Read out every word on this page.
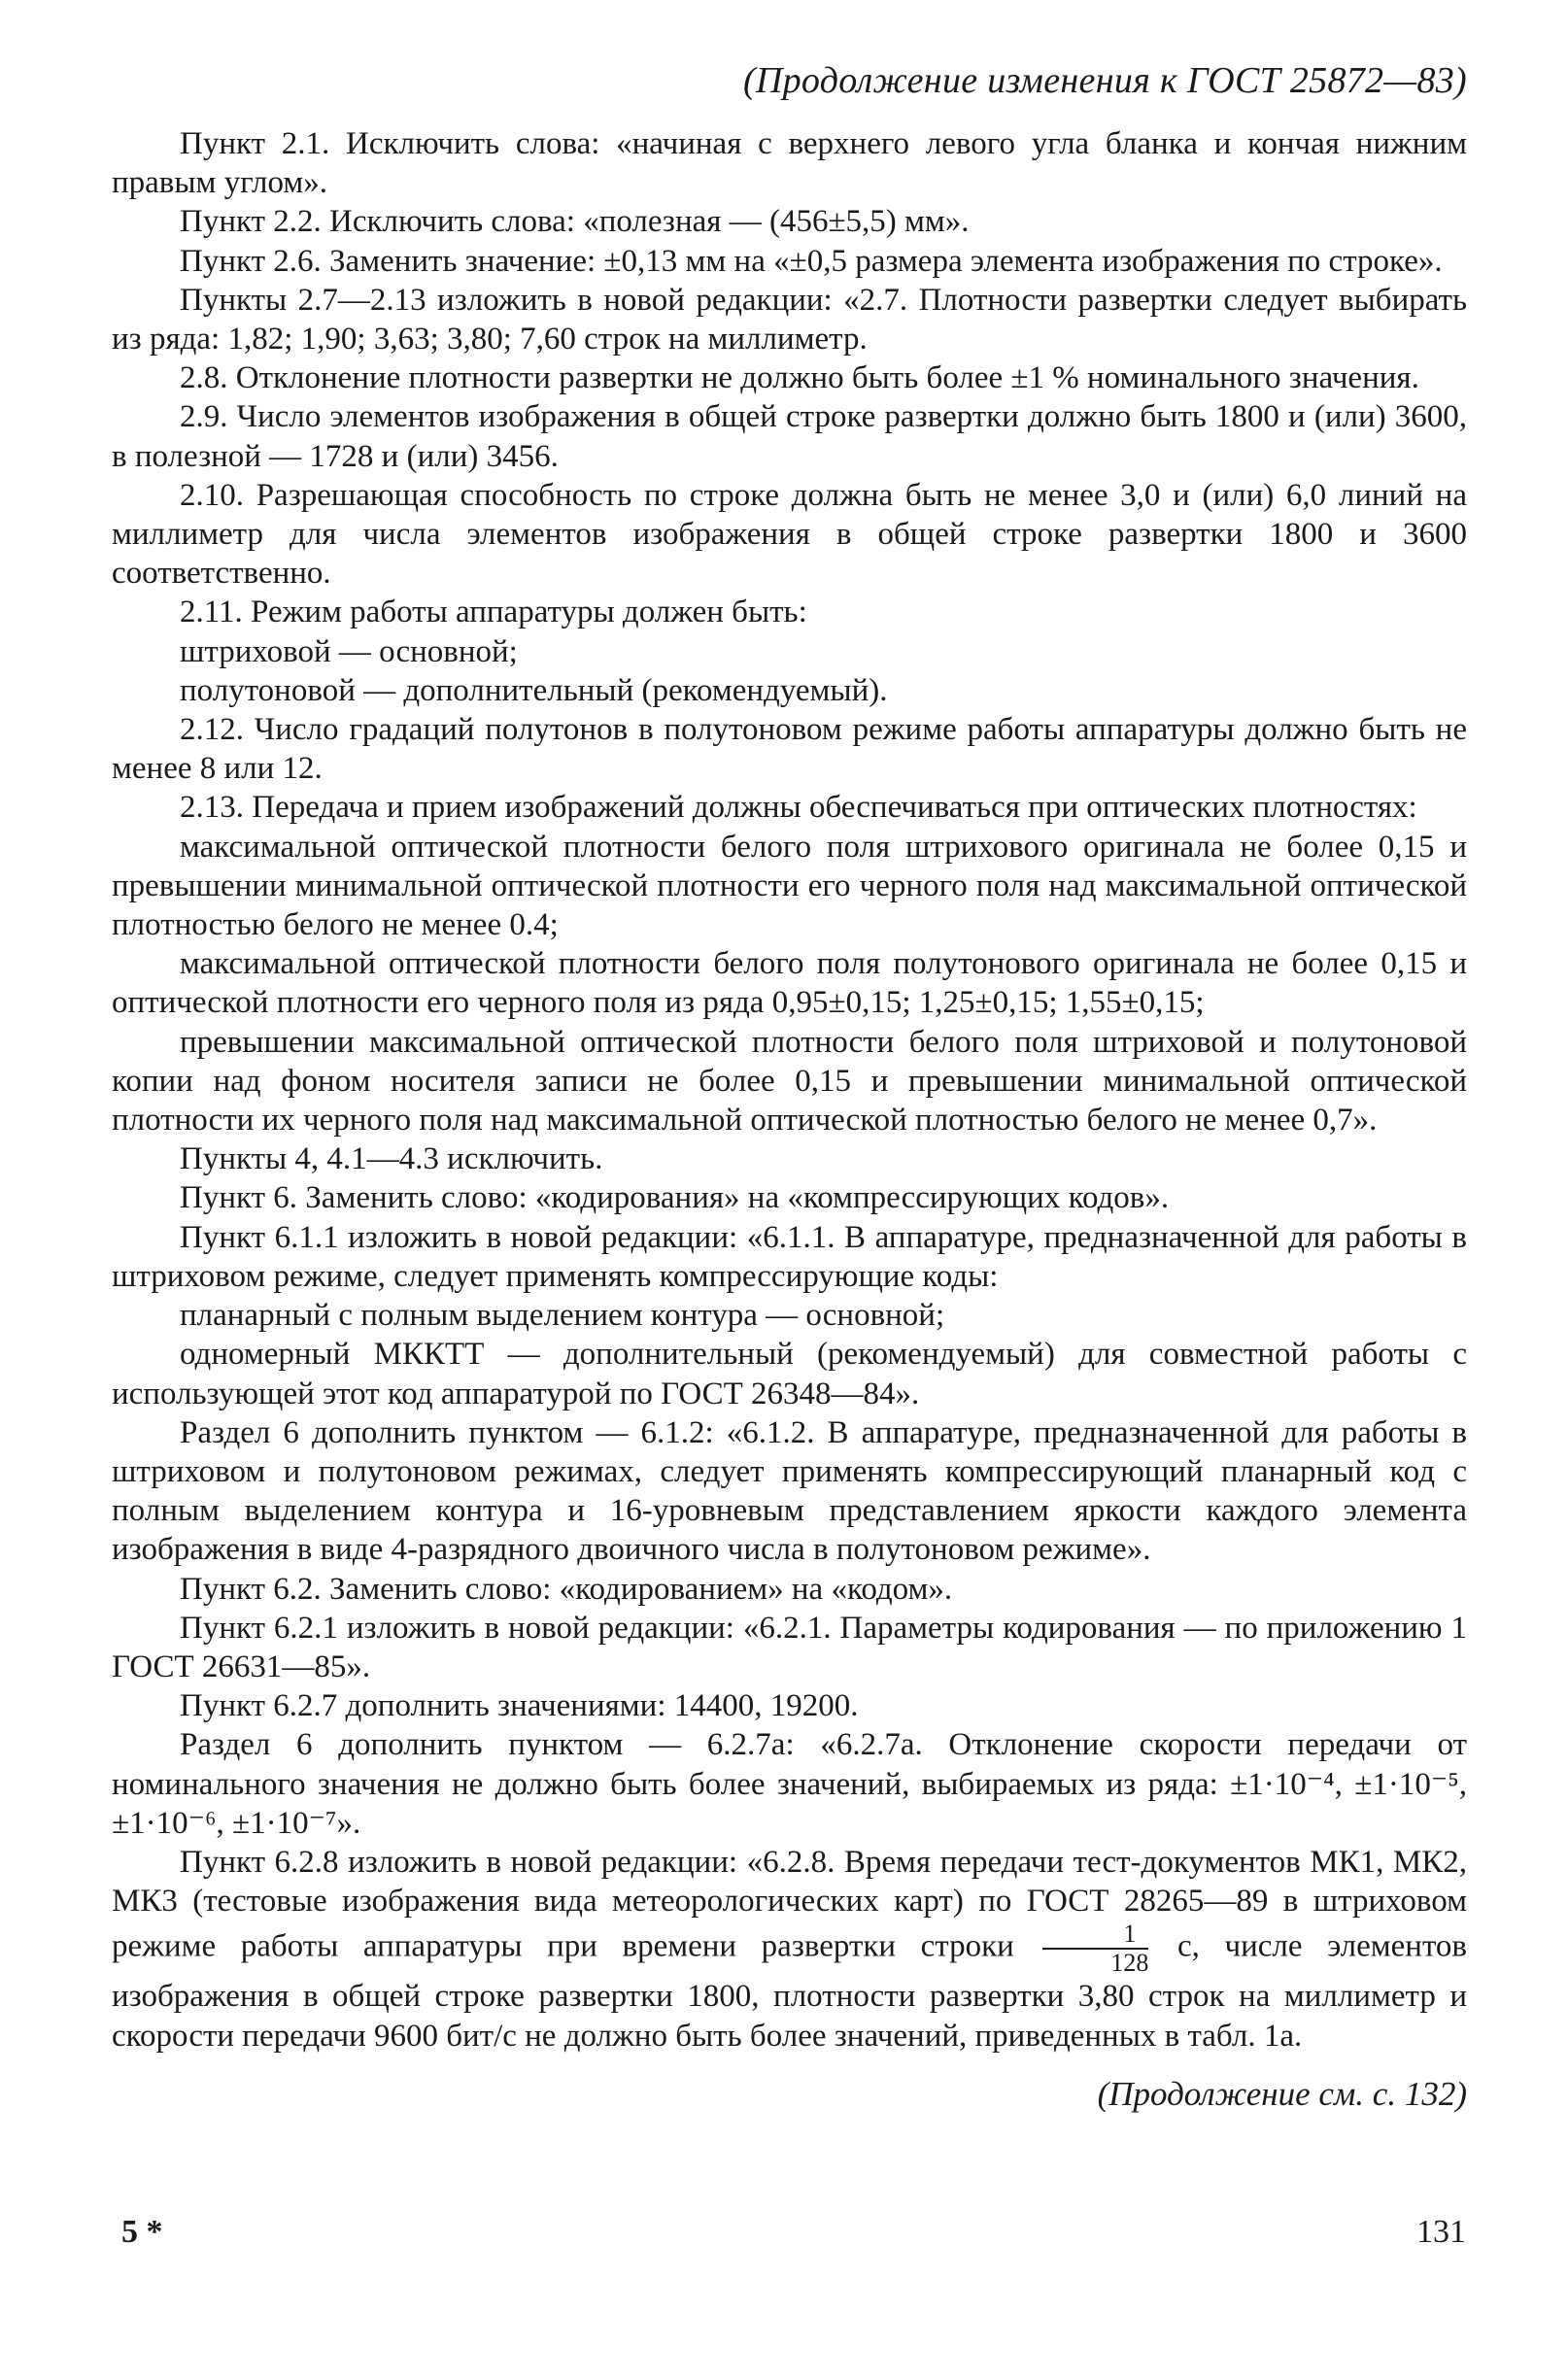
(Продолжение изменения к ГОСТ 25872—83)

Пункт 2.1. Исключить слова: «начиная с верхнего левого угла бланка и кончая нижним правым углом».

Пункт 2.2. Исключить слова: «полезная — (456±5,5) мм».

Пункт 2.6. Заменить значение: ±0,13 мм на «±0,5 размера элемента изображения по строке».

Пункты 2.7—2.13 изложить в новой редакции: «2.7. Плотности развертки следует выбирать из ряда: 1,82; 1,90; 3,63; 3,80; 7,60 строк на миллиметр.

2.8. Отклонение плотности развертки не должно быть более ±1 % номинального значения.

2.9. Число элементов изображения в общей строке развертки должно быть 1800 и (или) 3600, в полезной — 1728 и (или) 3456.

2.10. Разрешающая способность по строке должна быть не менее 3,0 и (или) 6,0 линий на миллиметр для числа элементов изображения в общей строке развертки 1800 и 3600 соответственно.

2.11. Режим работы аппаратуры должен быть:

штриховой — основной;

полутоновой — дополнительный (рекомендуемый).

2.12. Число градаций полутонов в полутоновом режиме работы аппаратуры должно быть не менее 8 или 12.

2.13. Передача и прием изображений должны обеспечиваться при оптических плотностях:

максимальной оптической плотности белого поля штрихового оригинала не более 0,15 и превышении минимальной оптической плотности его черного поля над максимальной оптической плотностью белого не менее 0.4;

максимальной оптической плотности белого поля полутонового оригинала не более 0,15 и оптической плотности его черного поля из ряда 0,95±0,15; 1,25±0,15; 1,55±0,15;

превышении максимальной оптической плотности белого поля штриховой и полутоновой копии над фоном носителя записи не более 0,15 и превышении минимальной оптической плотности их черного поля над максимальной оптической плотностью белого не менее 0,7».

Пункты 4, 4.1—4.3 исключить.

Пункт 6. Заменить слово: «кодирования» на «компрессирующих кодов».

Пункт 6.1.1 изложить в новой редакции: «6.1.1. В аппаратуре, предназначенной для работы в штриховом режиме, следует применять компрессирующие коды:

планарный с полным выделением контура — основной;

одномерный МККТТ — дополнительный (рекомендуемый) для совместной работы с использующей этот код аппаратурой по ГОСТ 26348—84».

Раздел 6 дополнить пунктом — 6.1.2: «6.1.2. В аппаратуре, предназначенной для работы в штриховом и полутоновом режимах, следует применять компрессирующий планарный код с полным выделением контура и 16-уровневым представлением яркости каждого элемента изображения в виде 4-разрядного двоичного числа в полутоновом режиме».

Пункт 6.2. Заменить слово: «кодированием» на «кодом».

Пункт 6.2.1 изложить в новой редакции: «6.2.1. Параметры кодирования — по приложению 1 ГОСТ 26631—85».

Пункт 6.2.7 дополнить значениями: 14400, 19200.

Раздел 6 дополнить пунктом — 6.2.7а: «6.2.7а. Отклонение скорости передачи от номинального значения не должно быть более значений, выбираемых из ряда: ±1·10⁻⁴, ±1·10⁻⁵, ±1·10⁻⁶, ±1·10⁻⁷».

Пункт 6.2.8 изложить в новой редакции: «6.2.8. Время передачи тест-документов МК1, МК2, МК3 (тестовые изображения вида метеорологических карт) по ГОСТ 28265—89 в штриховом режиме работы аппаратуры при времени развертки строки $\frac{1}{128} с$, числе элементов изображения в общей строке развертки 1800, плотности развертки 3,80 строк на миллиметр и скорости передачи 9600 бит/с не должно быть более значений, приведенных в табл. 1а.

(Продолжение см. с. 132)
5 *	131
